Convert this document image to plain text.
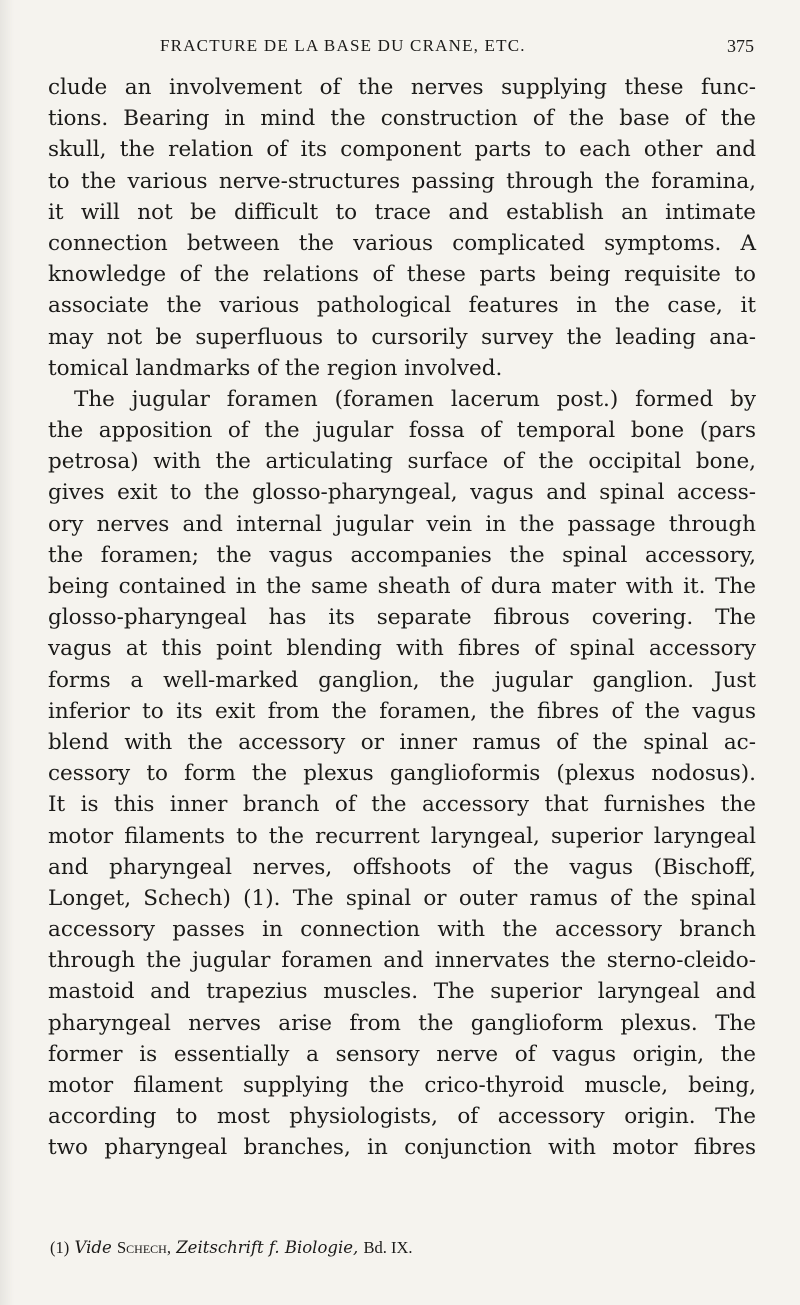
FRACTURE DE LA BASE DU CRANE, ETC.	375
clude an involvement of the nerves supplying these func-
tions. Bearing in mind the construction of the base of the
skull, the relation of its component parts to each other and
to the various nerve-structures passing through the foramina,
it will not be difficult to trace and establish an intimate
connection between the various complicated symptoms. A
knowledge of the relations of these parts being requisite to
associate the various pathological features in the case, it
may not be superfluous to cursorily survey the leading ana-
tomical landmarks of the region involved.
The jugular foramen (foramen lacerum post.) formed by
the apposition of the jugular fossa of temporal bone (pars
petrosa) with the articulating surface of the occipital bone,
gives exit to the glosso-pharyngeal, vagus and spinal access-
ory nerves and internal jugular vein in the passage through
the foramen; the vagus accompanies the spinal accessory,
being contained in the same sheath of dura mater with it. The
glosso-pharyngeal has its separate fibrous covering. The
vagus at this point blending with fibres of spinal accessory
forms a well-marked ganglion, the jugular ganglion. Just
inferior to its exit from the foramen, the fibres of the vagus
blend with the accessory or inner ramus of the spinal ac-
cessory to form the plexus ganglioformis (plexus nodosus).
It is this inner branch of the accessory that furnishes the
motor filaments to the recurrent laryngeal, superior laryngeal
and pharyngeal nerves, offshoots of the vagus (Bischoff,
Longet, Schech) (1). The spinal or outer ramus of the spinal
accessory passes in connection with the accessory branch
through the jugular foramen and innervates the sterno-cleido-
mastoid and trapezius muscles. The superior laryngeal and
pharyngeal nerves arise from the ganglioform plexus. The
former is essentially a sensory nerve of vagus origin, the
motor filament supplying the crico-thyroid muscle, being,
according to most physiologists, of accessory origin. The
two pharyngeal branches, in conjunction with motor fibres
(1) Vide Schech, Zeitschrift f. Biologie, Bd. IX.
